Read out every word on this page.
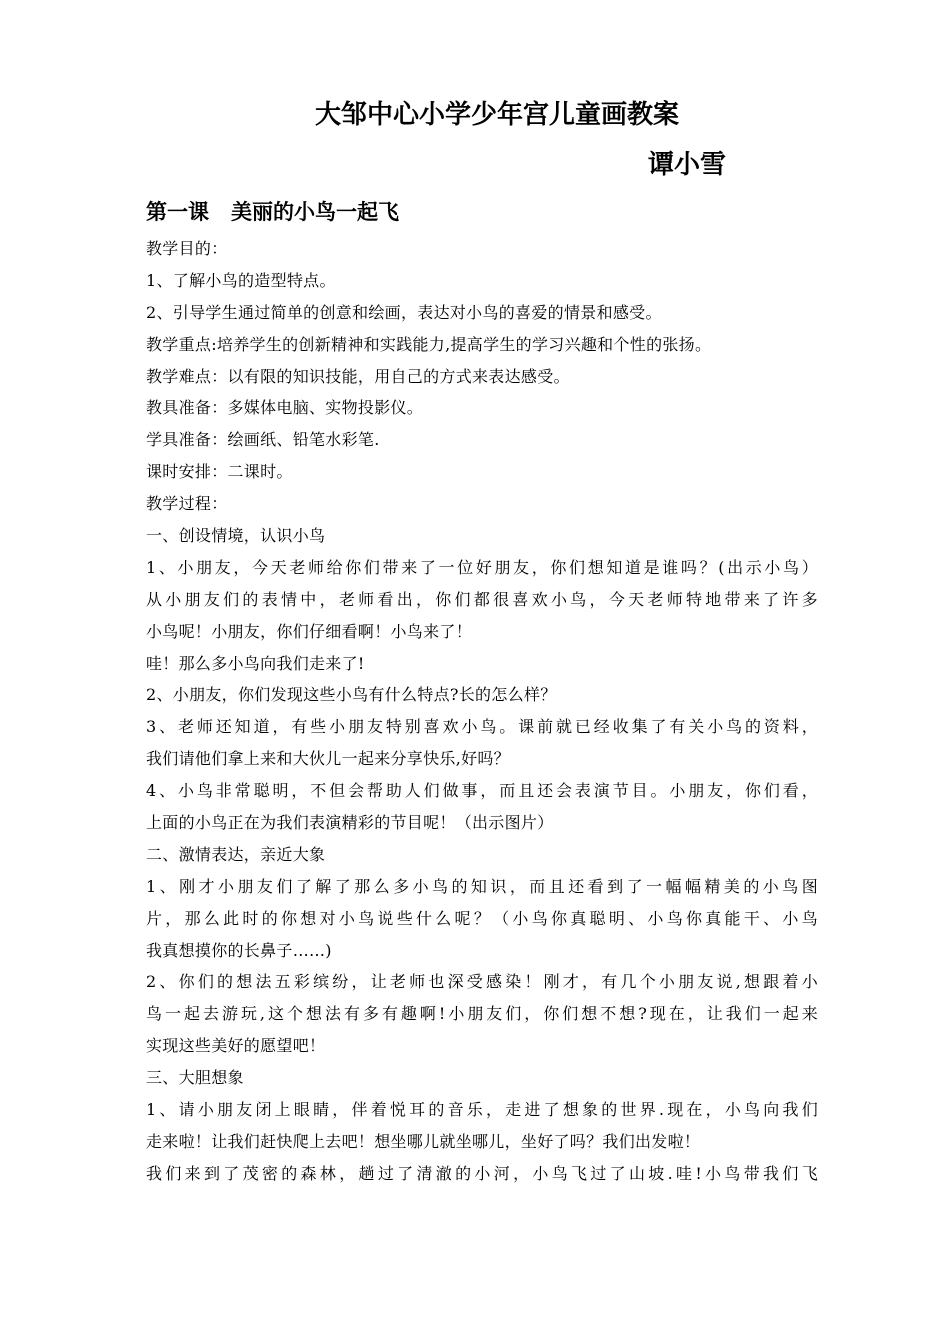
大邹中心小学少年宫儿童画教案
谭小雪
第一课 美丽的小鸟一起飞
教学目的：
1、了解小鸟的造型特点。
2、引导学生通过简单的创意和绘画，表达对小鸟的喜爱的情景和感受。
教学重点:培养学生的创新精神和实践能力,提高学生的学习兴趣和个性的张扬。
教学难点：以有限的知识技能，用自己的方式来表达感受。
教具准备：多媒体电脑、实物投影仪。
学具准备：绘画纸、铅笔水彩笔.
课时安排：二课时。
教学过程：
一、创设情境，认识小鸟
1、小朋友，今天老师给你们带来了一位好朋友，你们想知道是谁吗？(出示小鸟）
从小朋友们的表情中，老师看出，你们都很喜欢小鸟，今天老师特地带来了许多
小鸟呢！小朋友，你们仔细看啊！小鸟来了！
哇！那么多小鸟向我们走来了!
2、小朋友，你们发现这些小鸟有什么特点?长的怎么样？
3、老师还知道，有些小朋友特别喜欢小鸟。课前就已经收集了有关小鸟的资料，
我们请他们拿上来和大伙儿一起来分享快乐,好吗？
4、小鸟非常聪明，不但会帮助人们做事，而且还会表演节目。小朋友，你们看，
上面的小鸟正在为我们表演精彩的节目呢！（出示图片）
二、激情表达，亲近大象
1、刚才小朋友们了解了那么多小鸟的知识，而且还看到了一幅幅精美的小鸟图
片，那么此时的你想对小鸟说些什么呢？（小鸟你真聪明、小鸟你真能干、小鸟
我真想摸你的长鼻子……)
2、你们的想法五彩缤纷，让老师也深受感染！刚才，有几个小朋友说,想跟着小
鸟一起去游玩,这个想法有多有趣啊!小朋友们，你们想不想?现在，让我们一起来
实现这些美好的愿望吧！
三、大胆想象
1、请小朋友闭上眼睛，伴着悦耳的音乐，走进了想象的世界.现在，小鸟向我们
走来啦！让我们赶快爬上去吧！想坐哪儿就坐哪儿，坐好了吗？我们出发啦！
我们来到了茂密的森林，趟过了清澈的小河，小鸟飞过了山坡.哇!小鸟带我们飞
